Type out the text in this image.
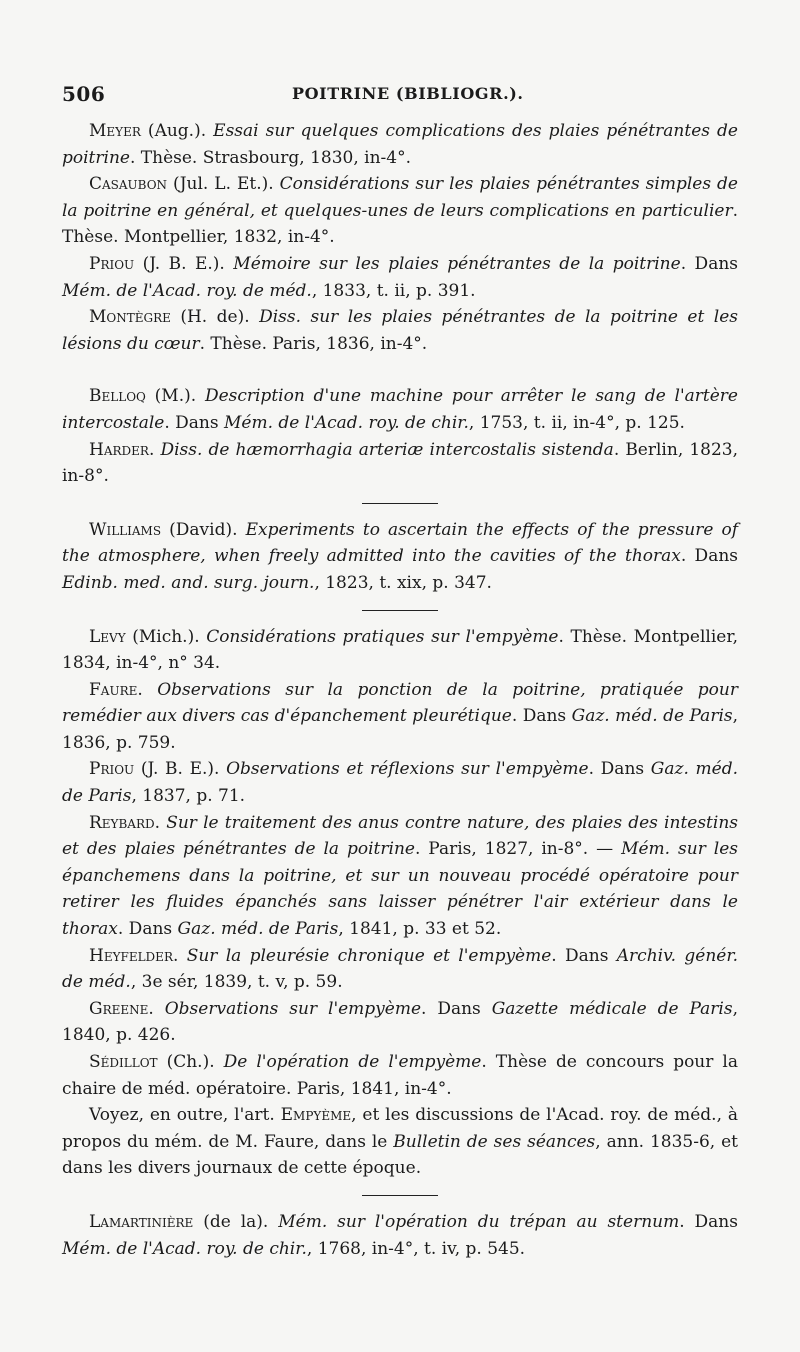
506	POITRINE (BIBLIOGR.).

Meyer (Aug.). Essai sur quelques complications des plaies pénétrantes de poitrine. Thèse. Strasbourg, 1830, in-4°.

Casaubon (Jul. L. Et.). Considérations sur les plaies pénétrantes simples de la poitrine en général, et quelques-unes de leurs complications en particulier. Thèse. Montpellier, 1832, in-4°.

Priou (J. B. E.). Mémoire sur les plaies pénétrantes de la poitrine. Dans Mém. de l'Acad. roy. de méd., 1833, t. ii, p. 391.

Montègre (H. de). Diss. sur les plaies pénétrantes de la poitrine et les lésions du cœur. Thèse. Paris, 1836, in-4°.

Belloq (M.). Description d'une machine pour arrêter le sang de l'artère intercostale. Dans Mém. de l'Acad. roy. de chir., 1753, t. ii, in-4°, p. 125.

Harder. Diss. de hæmorrhagia arteriæ intercostalis sistenda. Berlin, 1823, in-8°.

Williams (David). Experiments to ascertain the effects of the pressure of the atmosphere, when freely admitted into the cavities of the thorax. Dans Edinb. med. and. surg. journ., 1823, t. xix, p. 347.

Levy (Mich.). Considérations pratiques sur l'empyème. Thèse. Montpellier, 1834, in-4°, n° 34.

Faure. Observations sur la ponction de la poitrine, pratiquée pour remédier aux divers cas d'épanchement pleurétique. Dans Gaz. méd. de Paris, 1836, p. 759.

Priou (J. B. E.). Observations et réflexions sur l'empyème. Dans Gaz. méd. de Paris, 1837, p. 71.

Reybard. Sur le traitement des anus contre nature, des plaies des intestins et des plaies pénétrantes de la poitrine. Paris, 1827, in-8°. — Mém. sur les épanchemens dans la poitrine, et sur un nouveau procédé opératoire pour retirer les fluides épanchés sans laisser pénétrer l'air extérieur dans le thorax. Dans Gaz. méd. de Paris, 1841, p. 33 et 52.

Heyfelder. Sur la pleurésie chronique et l'empyème. Dans Archiv. génér. de méd., 3e sér, 1839, t. v, p. 59.

Greene. Observations sur l'empyème. Dans Gazette médicale de Paris, 1840, p. 426.

Sédillot (Ch.). De l'opération de l'empyème. Thèse de concours pour la chaire de méd. opératoire. Paris, 1841, in-4°.

Voyez, en outre, l'art. Empyème, et les discussions de l'Acad. roy. de méd., à propos du mém. de M. Faure, dans le Bulletin de ses séances, ann. 1835-6, et dans les divers journaux de cette époque.

Lamartinière (de la). Mém. sur l'opération du trépan au sternum. Dans Mém. de l'Acad. roy. de chir., 1768, in-4°, t. iv, p. 545.
